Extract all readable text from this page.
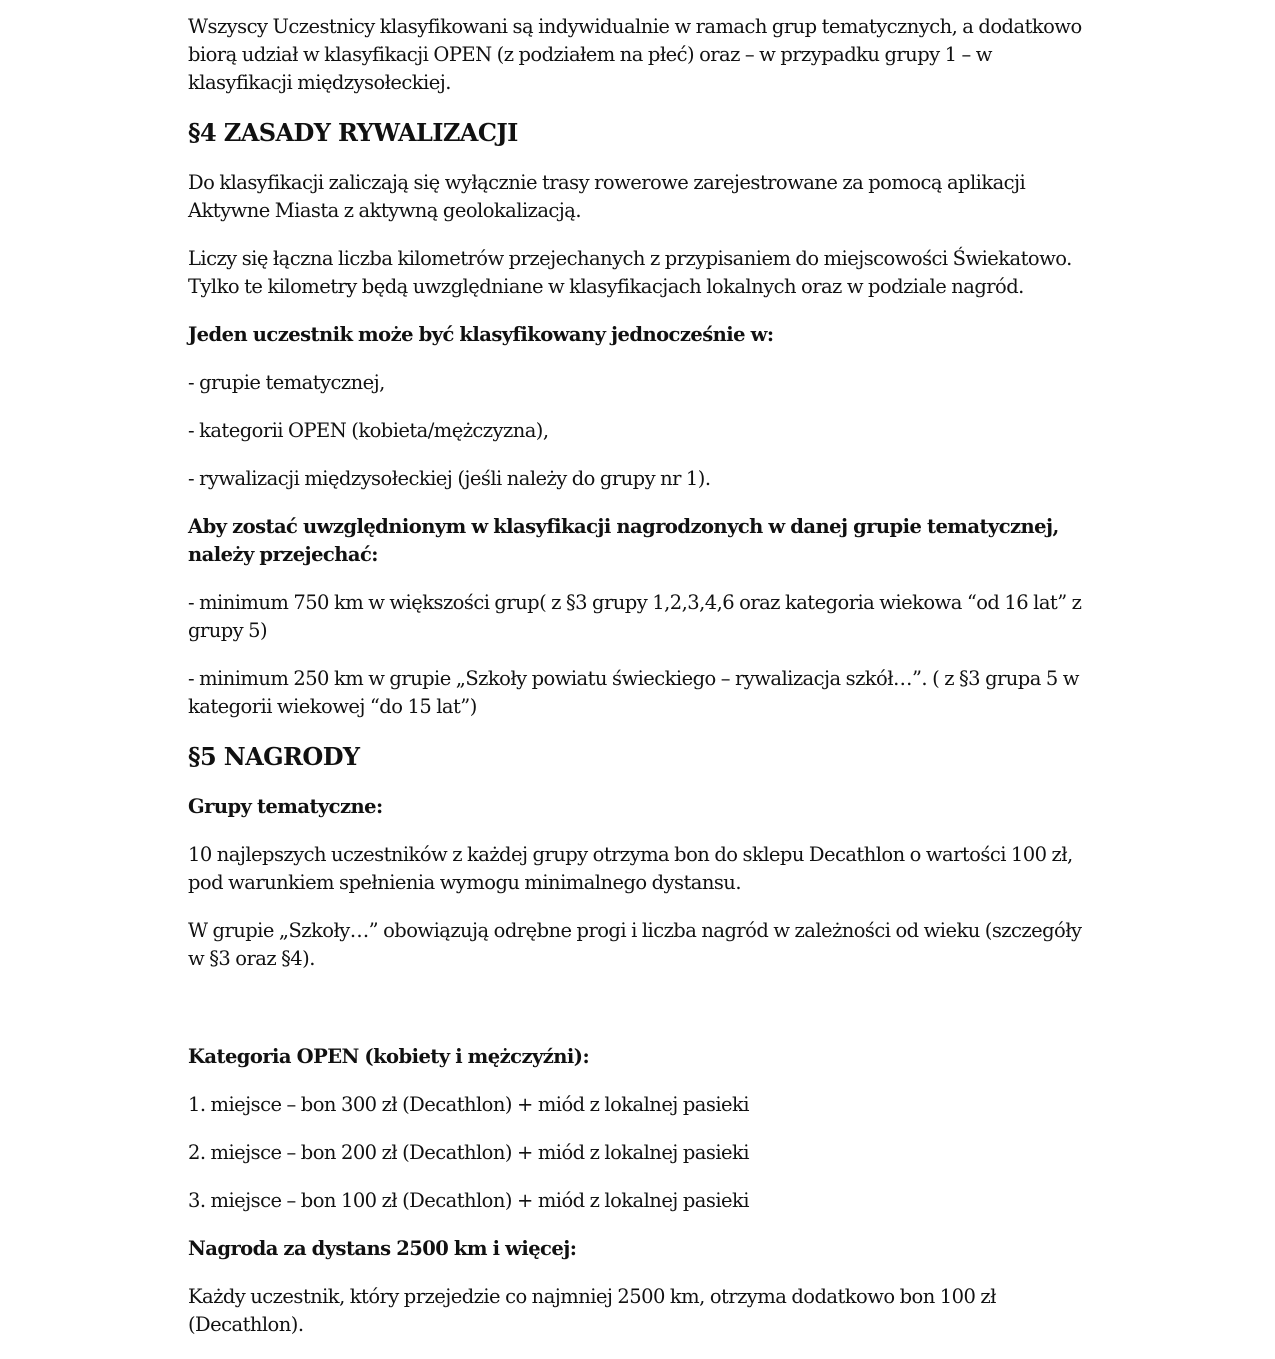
Wszyscy Uczestnicy klasyfikowani są indywidualnie w ramach grup tematycznych, a dodatkowo biorą udział w klasyfikacji OPEN (z podziałem na płeć) oraz – w przypadku grupy 1 – w klasyfikacji międzysołeckiej.

§4 ZASADY RYWALIZACJI

Do klasyfikacji zaliczają się wyłącznie trasy rowerowe zarejestrowane za pomocą aplikacji Aktywne Miasta z aktywną geolokalizacją.

Liczy się łączna liczba kilometrów przejechanych z przypisaniem do miejscowości Świekatowo. Tylko te kilometry będą uwzględniane w klasyfikacjach lokalnych oraz w podziale nagród.

Jeden uczestnik może być klasyfikowany jednocześnie w:

- grupie tematycznej,

- kategorii OPEN (kobieta/mężczyzna),

- rywalizacji międzysołeckiej (jeśli należy do grupy nr 1).

Aby zostać uwzględnionym w klasyfikacji nagrodzonych w danej grupie tematycznej, należy przejechać:

- minimum 750 km w większości grup( z §3 grupy 1,2,3,4,6 oraz kategoria wiekowa “od 16 lat” z grupy 5)

- minimum 250 km w grupie „Szkoły powiatu świeckiego – rywalizacja szkół…”. ( z §3 grupa 5 w kategorii wiekowej “do 15 lat”)

§5 NAGRODY

Grupy tematyczne:

10 najlepszych uczestników z każdej grupy otrzyma bon do sklepu Decathlon o wartości 100 zł, pod warunkiem spełnienia wymogu minimalnego dystansu.

W grupie „Szkoły…” obowiązują odrębne progi i liczba nagród w zależności od wieku (szczegóły w §3 oraz §4).

Kategoria OPEN (kobiety i mężczyźni):

1. miejsce – bon 300 zł (Decathlon) + miód z lokalnej pasieki

2. miejsce – bon 200 zł (Decathlon) + miód z lokalnej pasieki

3. miejsce – bon 100 zł (Decathlon) + miód z lokalnej pasieki

Nagroda za dystans 2500 km i więcej:

Każdy uczestnik, który przejedzie co najmniej 2500 km, otrzyma dodatkowo bon 100 zł (Decathlon).
